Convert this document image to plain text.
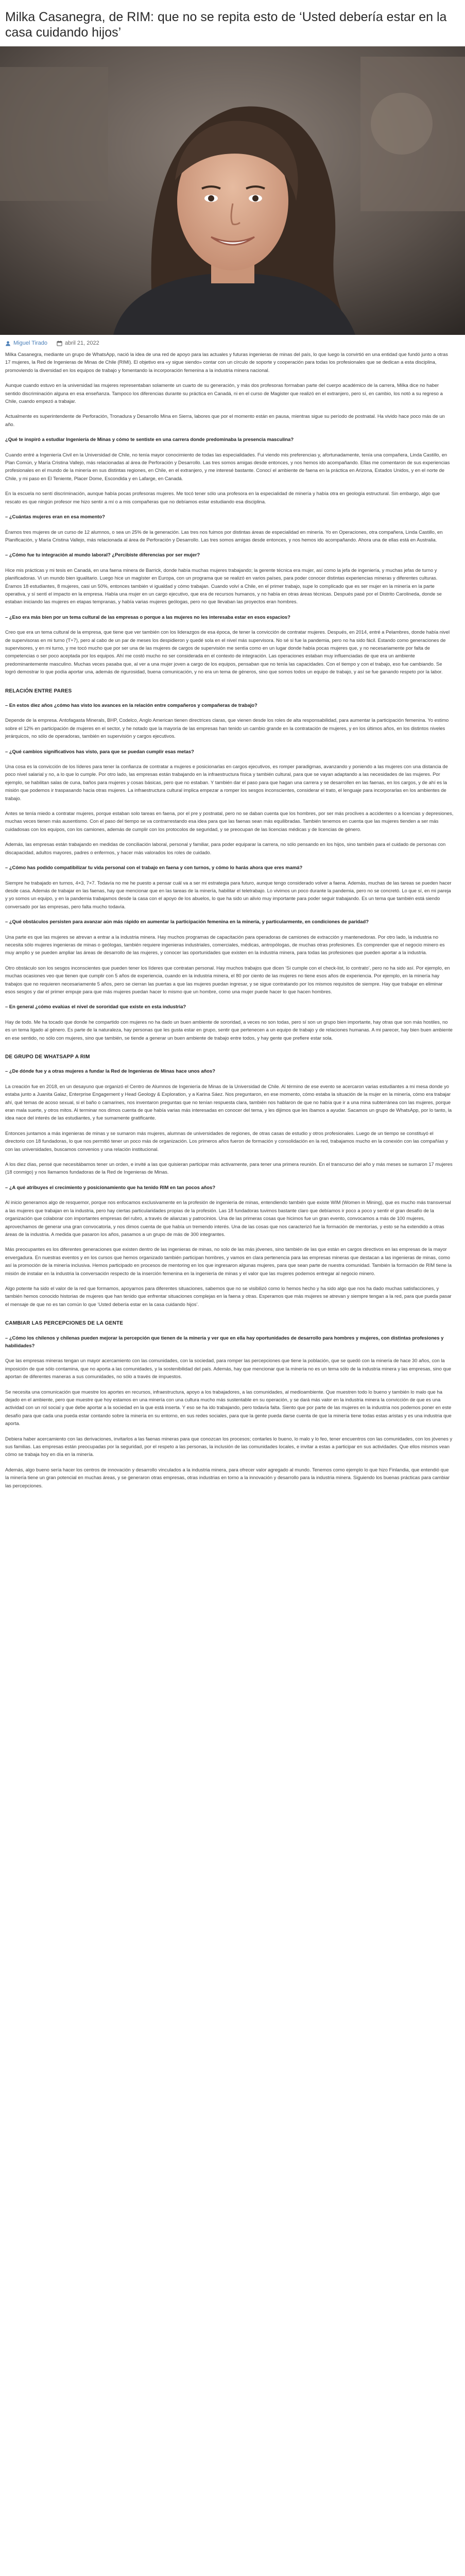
Milka Casanegra, de RIM: que no se repita esto de ‘Usted debería estar en la casa cuidando hijos’
Miguel Tirado	abril 21, 2022

Milka Casanegra, mediante un grupo de WhatsApp, nació la idea de una red de apoyo para las actuales y futuras ingenieras de minas del país, lo que luego la convirtió en una entidad que fundó junto a otras 17 mujeres, la Red de Ingenieras de Minas de Chile (RIMI). El objetivo era «y sigue siendo» contar con un círculo de soporte y cooperación para todas los profesionales que se dedican a esta disciplina, promoviendo la diversidad en los equipos de trabajo y fomentando la incorporación femenina a la industria minera nacional.

Aunque cuando estuvo en la universidad las mujeres representaban solamente un cuarto de su generación, y más dos profesoras formaban parte del cuerpo académico de la carrera, Milka dice no haber sentido discriminación alguna en esa enseñanza. Tampoco los diferencias durante su práctica en Canadá, ni en el curso de Magister que realizó en el extranjero, pero sí, en cambio, los notó a su regreso a Chile, cuando empezó a trabajar.

Actualmente es superintendente de Perforación, Tronadura y Desarrollo Mina en Sierra, labores que por el momento están en pausa, mientras sigue su período de postnatal. Ha vivido hace poco más de un año.

¿Qué te inspiró a estudiar Ingeniería de Minas y cómo te sentiste en una carrera donde predominaba la presencia masculina?

Cuando entré a Ingeniería Civil en la Universidad de Chile, no tenía mayor conocimiento de todas las especialidades. Fui viendo mis preferencias y, afortunadamente, tenía una compañera, Linda Castillo, en Plan Común, y María Cristina Vallejo, más relacionadas al área de Perforación y Desarrollo. Las tres somos amigas desde entonces, y nos hemos ido acompañando. Ellas me comentaron de sus experiencias profesionales en el mundo de la minería en sus distintas regiones, en Chile, en el extranjero, y me interesé bastante. Conocí el ambiente de faena en la práctica en Arizona, Estados Unidos, y en el norte de Chile, y mi paso en El Teniente, Placer Dome, Escondida y en Lafarge, en Canadá.

En la escuela no sentí discriminación, aunque había pocas profesoras mujeres. Me tocó tener sólo una profesora en la especialidad de minería y había otra en geología estructural. Sin embargo, algo que rescato es que ningún profesor me hizo sentir a mí o a mis compañeras que no debíamos estar estudiando esa disciplina.

– ¿Cuántas mujeres eran en esa momento?

Éramos tres mujeres de un curso de 12 alumnos, o sea un 25% de la generación. Las tres nos fuimos por distintas áreas de especialidad en minería. Yo en Operaciones, otra compañera, Linda Castillo, en Planificación, y María Cristina Vallejo, más relacionada al área de Perforación y Desarrollo. Las tres somos amigas desde entonces, y nos hemos ido acompañando. Ahora una de ellas está en Australia.

– ¿Cómo fue tu integración al mundo laboral? ¿Percibiste diferencias por ser mujer?

Hice mis prácticas y mi tesis en Canadá, en una faena minera de Barrick, donde había muchas mujeres trabajando; la gerente técnica era mujer, así como la jefa de ingeniería, y muchas jefas de turno y planificadoras. Vi un mundo bien igualitario. Luego hice un magíster en Europa, con un programa que se realizó en varios países, para poder conocer distintas experiencias mineras y diferentes culturas. Éramos 18 estudiantes, 8 mujeres, casi un 50%, entonces también vi igualdad y cómo trabajan. Cuando volví a Chile, en el primer trabajo, supe lo complicado que es ser mujer en la minería en la parte operativa, y sí sentí el impacto en la empresa. Había una mujer en un cargo ejecutivo, que era de recursos humanos, y no había en otras áreas técnicas. Después pasé por el Distrito Carolineda, donde se estaban iniciando las mujeres en etapas tempranas, y había varias mujeres geólogas, pero no que llevaban las proyectos eran hombres.

– ¿Eso era más bien por un tema cultural de las empresas o porque a las mujeres no les interesaba estar en esos espacios?

Creo que era un tema cultural de la empresa, que tiene que ver también con los liderazgos de esa época, de tener la convicción de contratar mujeres. Después, en 2014, entré a Pelambres, donde había nivel de supervisoras en mi turno (T+7), pero al cabo de un par de meses los despidieron y quedé sola en el nivel más supervisora. No sé si fue la pandemia, pero no ha sido fácil. Estando como generaciones de supervisores, y en mi turno, y me tocó mucho que por ser una de las mujeres de cargos de supervisión me sentía como en un lugar donde había pocas mujeres que, y no necesariamente por falta de competencias o ser poco aceptada por los equipos. Ahí me costó mucho no ser considerada en el contexto de integración. Las operaciones estaban muy influenciadas de que era un ambiente predominantemente masculino. Muchas veces pasaba que, al ver a una mujer joven a cargo de los equipos, pensaban que no tenía las capacidades. Con el tiempo y con el trabajo, eso fue cambiando. Se logró demostrar lo que podía aportar una, además de rigurosidad, buena comunicación, y no era un tema de géneros, sino que somos todos un equipo de trabajo, y así se fue ganando respeto por la labor.

RELACIÓN ENTRE PARES

– En estos diez años ¿cómo has visto los avances en la relación entre compañeros y compañeras de trabajo?

Depende de la empresa. Antofagasta Minerals, BHP, Codelco, Anglo American tienen directrices claras, que vienen desde los roles de alta responsabilidad, para aumentar la participación femenina. Yo estimo sobre el 12% en participación de mujeres en el sector, y he notado que la mayoría de las empresas han tenido un cambio grande en la contratación de mujeres, y en los últimos años, en los distintos niveles jerárquicos, no sólo de operadoras, también en supervisión y cargos ejecutivos.

– ¿Qué cambios significativos has visto, para que se puedan cumplir esas metas?

Una cosa es la convicción de los líderes para tener la confianza de contratar a mujeres e posicionarlas en cargos ejecutivos, es romper paradigmas, avanzando y poniendo a las mujeres con una distancia de poco nivel salarial y no, a lo que lo cumple. Por otro lado, las empresas están trabajando en la infraestructura física y también cultural, para que se vayan adaptando a las necesidades de las mujeres. Por ejemplo, se habilitan salas de cuna, baños para mujeres y cosas básicas, pero que no estaban. Y también dar el paso para que hagan una carrera y se desarrollen en las faenas, en los cargos, y de ahí es la misión que podemos ir traspasando hacia otras mujeres. La infraestructura cultural implica empezar a romper los sesgos inconscientes, considerar el trato, el lenguaje para incorporarlas en los ambientes de trabajo.

Antes se tenía miedo a contratar mujeres, porque estaban solo tareas en faena, por el pre y postnatal, pero no se daban cuenta que los hombres, por ser más proclives a accidentes o a licencias y depresiones, muchas veces tienen más ausentismo. Con el paso del tiempo se va contrarrestando esa idea para que las faenas sean más equilibradas. También tenemos en cuenta que las mujeres tienden a ser más cuidadosas con los equipos, con los camiones, además de cumplir con los protocolos de seguridad, y se preocupan de las licencias médicas y de licencias de género.

Además, las empresas están trabajando en medidas de conciliación laboral, personal y familiar, para poder equiparar la carrera, no sólo pensando en los hijos, sino también para el cuidado de personas con discapacidad, adultos mayores, padres o enfermos, y hacer más valorados los roles de cuidado.

– ¿Cómo has podido compatibilizar tu vida personal con el trabajo en faena y con turnos, y cómo lo harás ahora que eres mamá?

Siempre he trabajado en turnos, 4×3, 7×7. Todavía no me he puesto a pensar cuál va a ser mi estrategia para futuro, aunque tengo considerado volver a faena. Además, muchas de las tareas se pueden hacer desde casa. Además de trabajar en las faenas, hay que mencionar que en las tareas de la minería, habilitar el teletrabajo. Lo vivimos un poco durante la pandemia, pero no se concretó. Lo que sí, en mi pareja y yo somos un equipo, y en la pandemia trabajamos desde la casa con el apoyo de los abuelos, lo que ha sido un alivio muy importante para poder seguir trabajando. Es un tema que también está siendo conversado por las empresas, pero falta mucho todavía.

– ¿Qué obstáculos persisten para avanzar aún más rápido en aumentar la participación femenina en la minería, y particularmente, en condiciones de paridad?

Una parte es que las mujeres se atrevan a entrar a la industria minera. Hay muchos programas de capacitación para operadoras de camiones de extracción y mantenedoras. Por otro lado, la industria no necesita sólo mujeres ingenieras de minas o geólogas, también requiere ingenieras industriales, comerciales, médicas, antropólogas, de muchas otras profesiones. Es comprender que el negocio minero es muy amplio y se pueden ampliar las áreas de desarrollo de las mujeres, y conocer las oportunidades que existen en la industria minera, para todas las profesiones que pueden aportar a la industria.

Otro obstáculo son los sesgos inconscientes que pueden tener los líderes que contratan personal. Hay muchos trabajos que dicen ‘Si cumple con el check-list, lo contrato’, pero no ha sido así. Por ejemplo, en muchas ocasiones veo que tienen que cumplir con 5 años de experiencia, cuando en la industria minera, el 80 por ciento de las mujeres no tiene esos años de experiencia. Por ejemplo, en la minería hay trabajos que no requieren necesariamente 5 años, pero se cierran las puertas a que las mujeres puedan ingresar, y se sigue contratando por los mismos requisitos de siempre. Hay que trabajar en eliminar esos sesgos y dar el primer empuje para que más mujeres puedan hacer lo mismo que un hombre, como una mujer puede hacer lo que hacen hombres.

– En general ¿cómo evalúas el nivel de sororidad que existe en esta industria?

Hay de todo. Me ha tocado que donde he compartido con mujeres no ha dado un buen ambiente de sororidad, a veces no son todas, pero sí son un grupo bien importante, hay otras que son más hostiles, no es un tema ligado al género. Es parte de la naturaleza, hay personas que les gusta estar en grupo, sentir que pertenecen a un equipo de trabajo y de relaciones humanas. A mi parecer, hay bien buen ambiente en ese sentido, no sólo con mujeres, sino que también, se tiende a generar un buen ambiente de trabajo entre todos, y hay gente que prefiere estar sola.

DE GRUPO DE WHATSAPP A RIM

– ¿De dónde fue y a otras mujeres a fundar la Red de Ingenieras de Minas hace unos años?

La creación fue en 2018, en un desayuno que organizó el Centro de Alumnos de Ingeniería de Minas de la Universidad de Chile. Al término de ese evento se acercaron varias estudiantes a mi mesa donde yo estaba junto a Juanita Galaz, Enterprise Engagement y Head Geology & Exploration, y a Karina Sáez. Nos preguntaron, en ese momento, cómo estaba la situación de la mujer en la minería, cómo era trabajar ahí, qué temas de acoso sexual, si el baño o camarines, nos inventaron preguntas que no tenían respuesta clara, también nos hablaron de que no había que ir a una mina subterránea con las mujeres, porque eran mala suerte, y otros mitos. Al terminar nos dimos cuenta de que había varias más interesadas en conocer del tema, y les dijimos que les íbamos a ayudar. Sacamos un grupo de WhatsApp, por lo tanto, la idea nace del interés de las estudiantes, y fue sumamente gratificante.

Entonces juntamos a más ingenieras de minas y se sumaron más mujeres, alumnas de universidades de regiones, de otras casas de estudio y otros profesionales. Luego de un tiempo se constituyó el directorio con 18 fundadoras, lo que nos permitió tener un poco más de organización. Los primeros años fueron de formación y consolidación en la red, trabajamos mucho en la conexión con las compañías y con las universidades, buscamos convenios y una relación institucional.

A los diez días, pensé que necesitábamos tener un orden, e invité a las que quisieran participar más activamente, para tener una primera reunión. En el transcurso del año y más meses se sumaron 17 mujeres (18 conmigo) y nos llamamos fundadoras de la Red de Ingenieras de Minas.

– ¿A qué atribuyes el crecimiento y posicionamiento que ha tenido RIM en tan pocos años?

Al inicio generamos algo de resquemor, porque nos enfocamos exclusivamente en la profesión de ingeniería de minas, entendiendo también que existe WIM (Women in Mining), que es mucho más transversal a las mujeres que trabajan en la industria, pero hay ciertas particularidades propias de la profesión. Las 18 fundadoras tuvimos bastante claro que debíamos ir poco a poco y sentir el gran desafío de la organización que colaborar con importantes empresas del rubro, a través de alianzas y patrocinios. Una de las primeras cosas que hicimos fue un gran evento, convocamos a más de 100 mujeres, aprovechamos de generar una gran convocatoria, y nos dimos cuenta de que había un tremendo interés. Una de las cosas que nos caracterizó fue la formación de mentorías, y esto se ha extendido a otras áreas de la industria. A medida que pasaron los años, pasamos a un grupo de más de 300 integrantes.

Más preocupantes es los diferentes generaciones que existen dentro de las ingenieras de minas, no solo de las más jóvenes, sino también de las que están en cargos directivos en las empresas de la mayor envergadura. En nuestras eventos y en los cursos que hemos organizado también participan hombres, y vamos en clara pertenencia para las empresas mineras que destacan a las ingenieras de minas, como así la promoción de la minería inclusiva. Hemos participado en procesos de mentoring en los que ingresaron algunas mujeres, para que sean parte de nuestra comunidad. También la formación de RIM tiene la misión de instalar en la industria la conversación respecto de la inserción femenina en la ingeniería de minas y el valor que las mujeres podemos entregar al negocio minero.

Algo potente ha sido el valor de la red que formamos, apoyarnos para diferentes situaciones, sabemos que no se visibilizó como lo hemos hecho y ha sido algo que nos ha dado muchas satisfacciones, y también hemos conocido historias de mujeres que han tenido que enfrentar situaciones complejas en la faena y otras. Esperamos que más mujeres se atrevan y siempre tengan a la red, para que pueda pasar el mensaje de que no es tan común lo que ‘Usted debería estar en la casa cuidando hijos’.

CAMBIAR LAS PERCEPCIONES DE LA GENTE

– ¿Cómo los chilenos y chilenas pueden mejorar la percepción que tienen de la minería y ver que en ella hay oportunidades de desarrollo para hombres y mujeres, con distintas profesiones y habilidades?

Que las empresas mineras tengan un mayor acercamiento con las comunidades, con la sociedad, para romper las percepciones que tiene la población, que se quedó con la minería de hace 30 años, con la imposición de que sólo contamina, que no aporta a las comunidades, y la sostenibilidad del país. Además, hay que mencionar que la minería no es un tema sólo de la industria minera y las empresas, sino que aportan de diferentes maneras a sus comunidades, no sólo a través de impuestos.

Se necesita una comunicación que muestre los aportes en recursos, infraestructura, apoyo a los trabajadores, a las comunidades, al medioambiente. Que muestren todo lo bueno y también lo malo que ha dejado en el ambiente, pero que muestre que hoy estamos en una minería con una cultura mucho más sustentable en su operación, y se dará más valor en la industria minera la convicción de que es una actividad con un rol social y que debe aportar a la sociedad en la que está inserta. Y eso se ha ido trabajando, pero todavía falta. Siento que por parte de las mujeres en la industria nos podemos poner en este desafío para que cada una pueda estar contando sobre la minería en su entorno, en sus redes sociales, para que la gente pueda darse cuenta de que la minería tiene todas estas aristas y es una industria que aporta.

Debiera haber acercamiento con las derivaciones, invitarlos a las faenas mineras para que conozcan los procesos; contarles lo bueno, lo malo y lo feo, tener encuentros con las comunidades, con los jóvenes y sus familias. Las empresas están preocupadas por la seguridad, por el respeto a las personas, la inclusión de las comunidades locales, e invitar a estas a participar en sus actividades. Que ellos mismos vean cómo se trabaja hoy en día en la minería.

Además, algo bueno sería hacer los centros de innovación y desarrollo vinculados a la industria minera, para ofrecer valor agregado al mundo. Tenemos como ejemplo lo que hizo Finlandia, que entendió que la minería tiene un gran potencial en muchas áreas, y se generaron otras empresas, otras industrias en torno a la innovación y desarrollo para la industria minera. Siguiendo los buenas prácticas para cambiar las percepciones.
